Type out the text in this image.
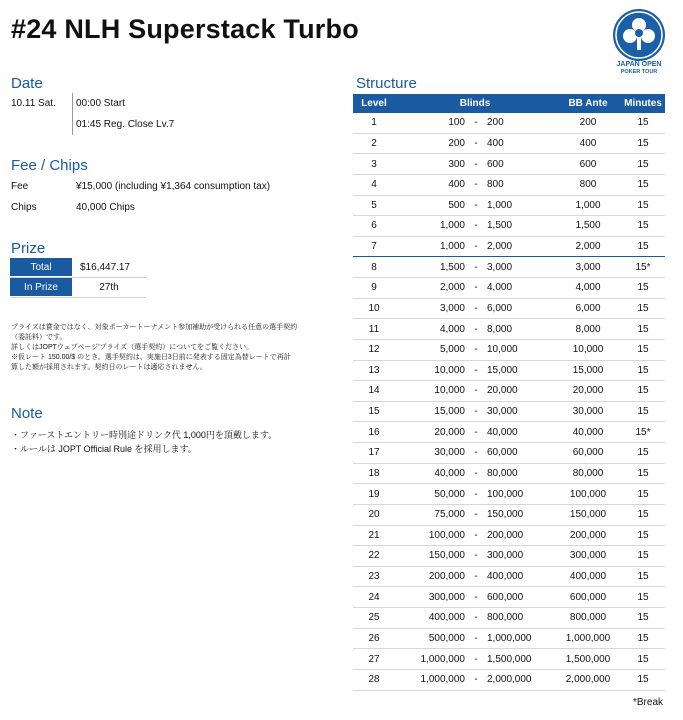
#24 NLH Superstack Turbo
JAPAN OPEN
POKER TOUR
Date
10.11 Sat. 00:00 Start
01:45 Reg. Close Lv.7
Fee / Chips
Fee	¥15,000 (including ¥1,364 consumption tax)
Chips	40,000 Chips
Prize
Total	$16,447.17
In Prize	27th
プライズは賞金ではなく、対象ポーカートーナメント参加補助が受けられる任意の選手契約
（委託料）です。
詳しくはJOPTウェブページ'プライズ（選手契約）についてをご覧ください。
※仮レート 150.00/$ のとき。選手契約は、実施日3日前に発表する固定為替レートで再計
算した額が採用されます。契約日のレートは適応されません。
Note
・ファーストエントリー時別途ドリンク代 1,000円を頂戴します。
・ルールは JOPT Official Rule を採用します。
Structure
Level	Blinds	BB Ante	Minutes
1	100 - 200	200	15
2	200 - 400	400	15
3	300 - 600	600	15
4	400 - 800	800	15
5	500 - 1,000	1,000	15
6	1,000 - 1,500	1,500	15
7	1,000 - 2,000	2,000	15
8	1,500 - 3,000	3,000	15*
9	2,000 - 4,000	4,000	15
10	3,000 - 6,000	6,000	15
11	4,000 - 8,000	8,000	15
12	5,000 - 10,000	10,000	15
13	10,000 - 15,000	15,000	15
14	10,000 - 20,000	20,000	15
15	15,000 - 30,000	30,000	15
16	20,000 - 40,000	40,000	15*
17	30,000 - 60,000	60,000	15
18	40,000 - 80,000	80,000	15
19	50,000 - 100,000	100,000	15
20	75,000 - 150,000	150,000	15
21	100,000 - 200,000	200,000	15
22	150,000 - 300,000	300,000	15
23	200,000 - 400,000	400,000	15
24	300,000 - 600,000	600,000	15
25	400,000 - 800,000	800,000	15
26	500,000 - 1,000,000	1,000,000	15
27	1,000,000 - 1,500,000	1,500,000	15
28	1,000,000 - 2,000,000	2,000,000	15
*Break
